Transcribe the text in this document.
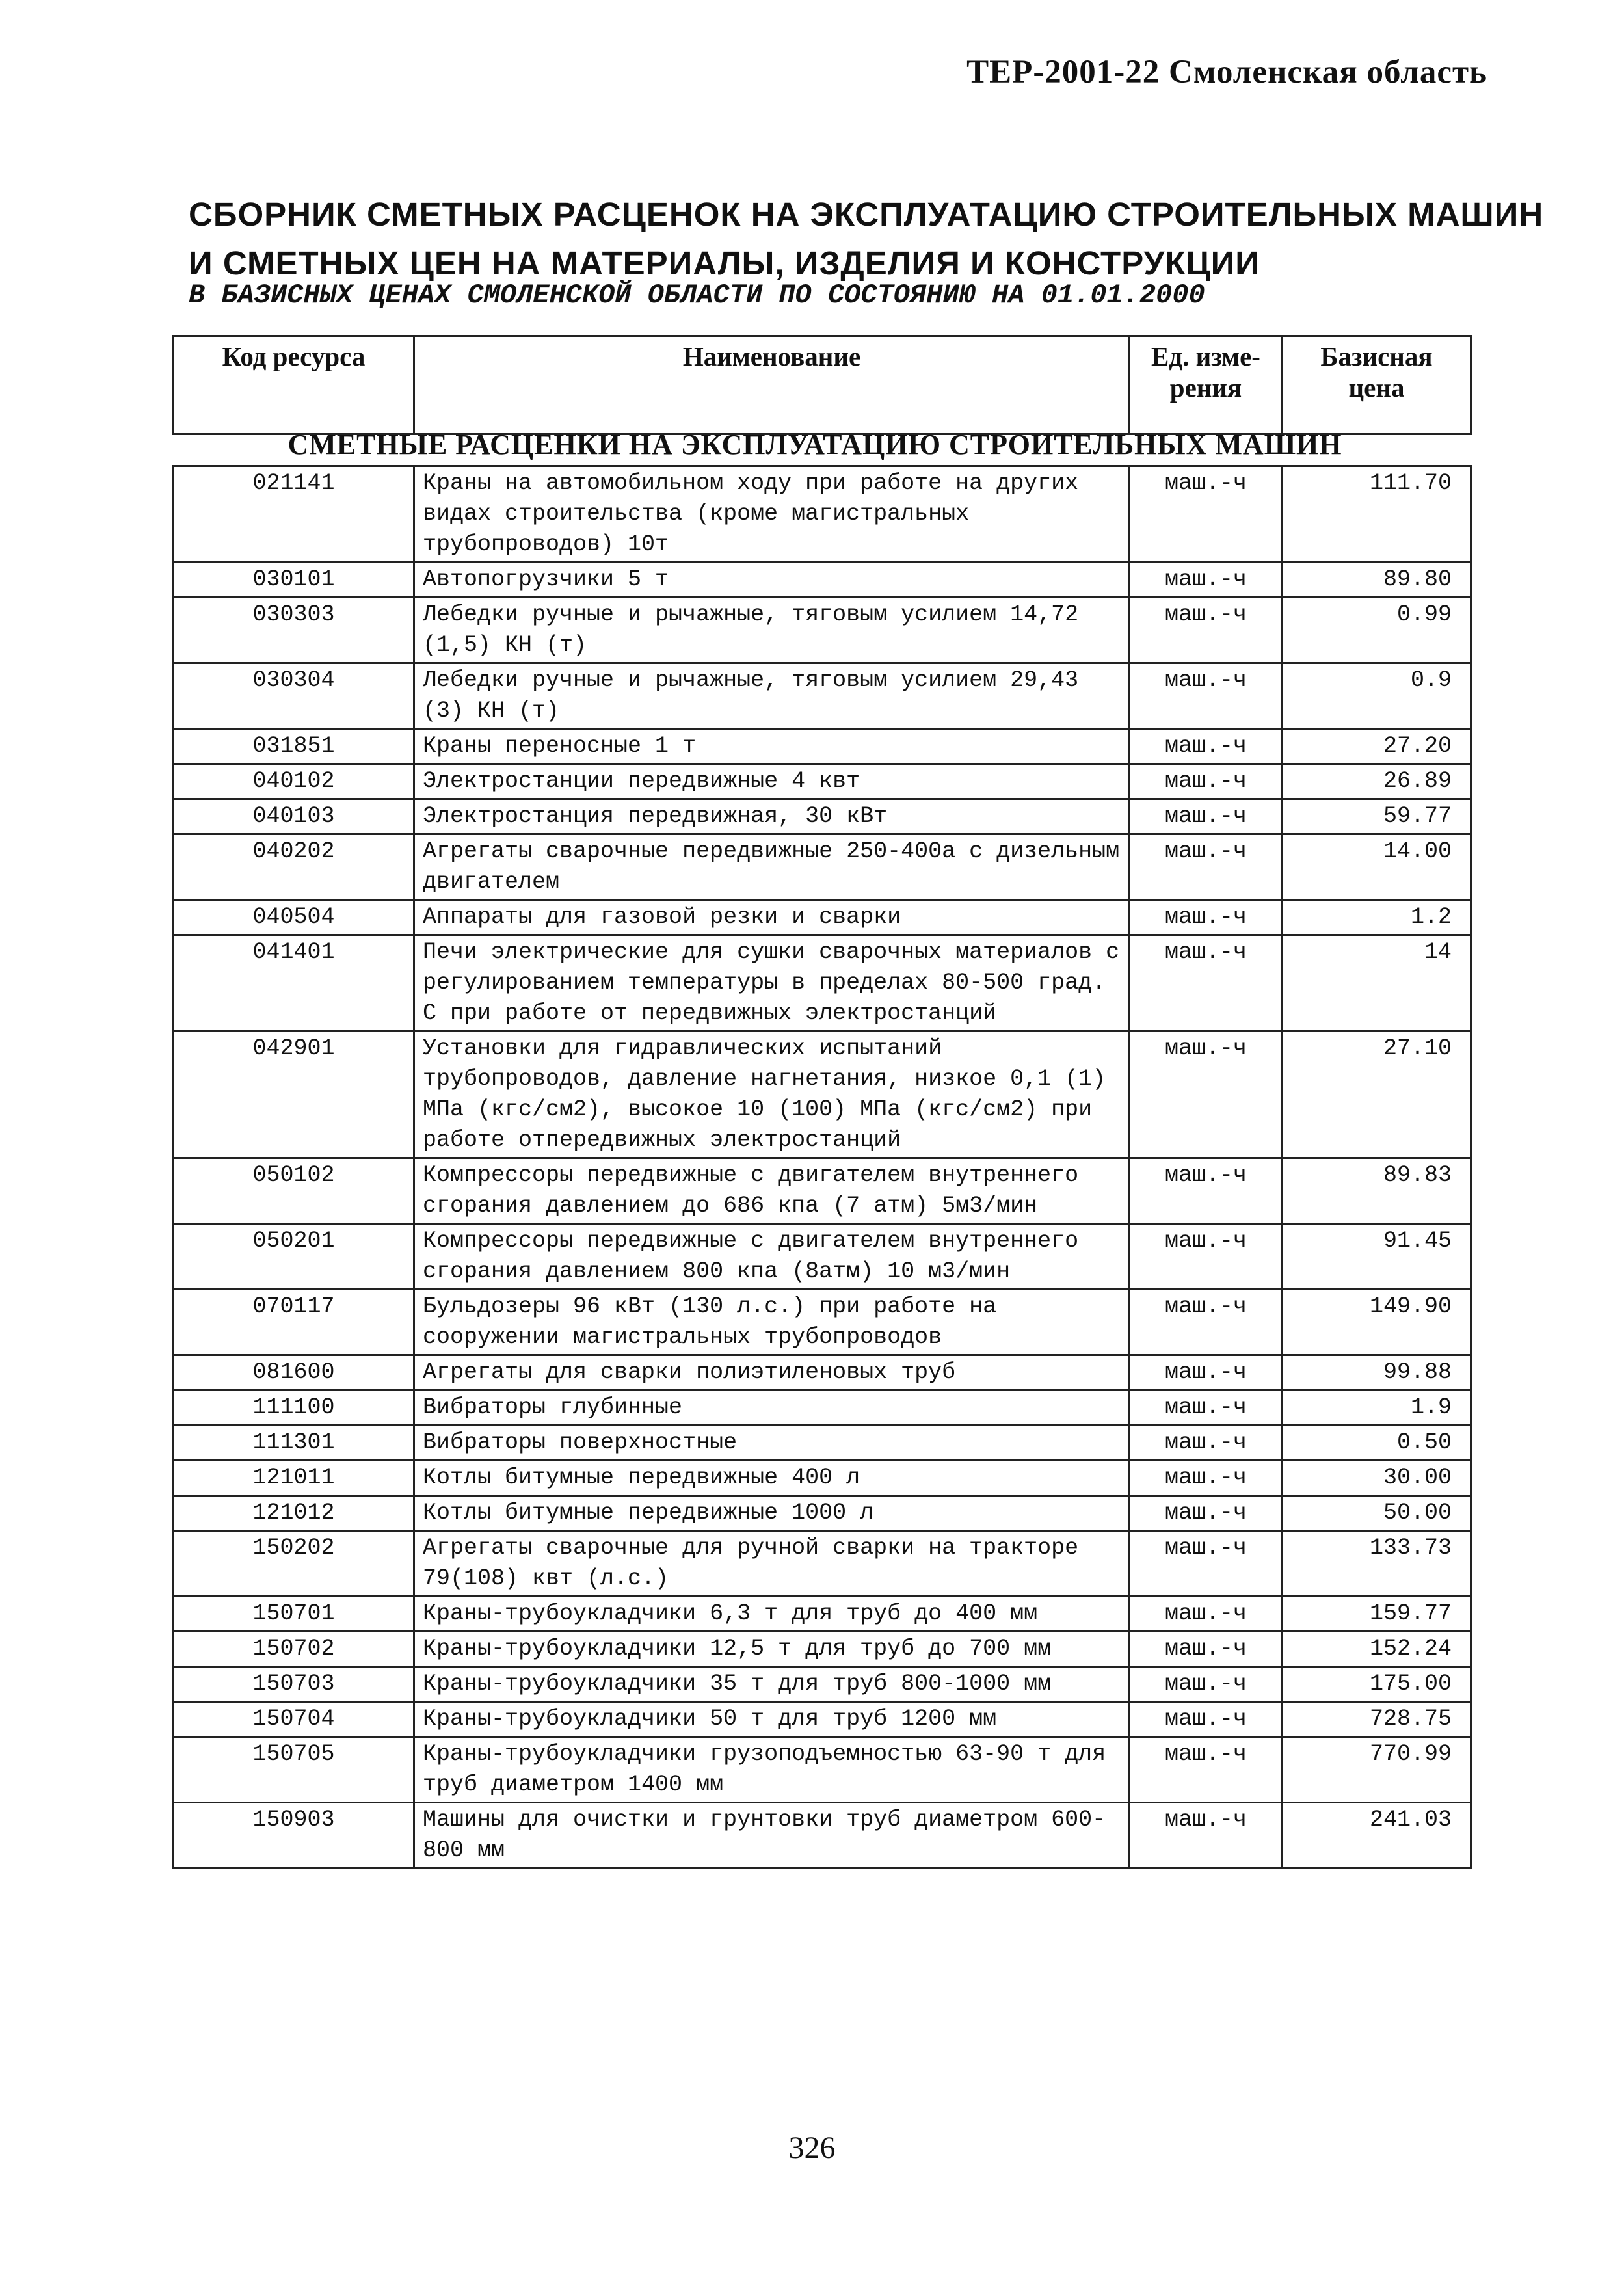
ТЕР-2001-22 Смоленская область
СБОРНИК СМЕТНЫХ РАСЦЕНОК НА ЭКСПЛУАТАЦИЮ СТРОИТЕЛЬНЫХ МАШИН
И СМЕТНЫХ ЦЕН НА МАТЕРИАЛЫ, ИЗДЕЛИЯ И КОНСТРУКЦИИ
В БАЗИСНЫХ ЦЕНАХ СМОЛЕНСКОЙ ОБЛАСТИ ПО СОСТОЯНИЮ НА 01.01.2000
Код ресурса	Наименование	Ед. изме-рения	Базисная цена
СМЕТНЫЕ РАСЦЕНКИ НА ЭКСПЛУАТАЦИЮ СТРОИТЕЛЬНЫХ МАШИН
021141	Краны на автомобильном ходу при работе на других видах строительства (кроме магистральных трубопроводов) 10т	маш.-ч	111.70
030101	Автопогрузчики 5 т	маш.-ч	89.80
030303	Лебедки ручные и рычажные, тяговым усилием 14,72 (1,5) КН (т)	маш.-ч	0.99
030304	Лебедки ручные и рычажные, тяговым усилием 29,43 (3) КН (т)	маш.-ч	0.9
031851	Краны переносные 1 т	маш.-ч	27.20
040102	Электростанции передвижные 4 квт	маш.-ч	26.89
040103	Электростанция передвижная, 30 кВт	маш.-ч	59.77
040202	Агрегаты сварочные передвижные 250-400а с дизельным двигателем	маш.-ч	14.00
040504	Аппараты для газовой резки и сварки	маш.-ч	1.2
041401	Печи электрические для сушки сварочных материалов с регулированием температуры в пределах 80-500 град. С при работе от передвижных электростанций	маш.-ч	14
042901	Установки для гидравлических испытаний трубопроводов, давление нагнетания, низкое 0,1 (1) МПа (кгс/см2), высокое 10 (100) МПа (кгс/см2) при работе отпередвижных электростанций	маш.-ч	27.10
050102	Компрессоры передвижные с двигателем внутреннего сгорания давлением до 686 кпа (7 атм) 5м3/мин	маш.-ч	89.83
050201	Компрессоры передвижные с двигателем внутреннего сгорания давлением 800 кпа (8атм) 10 м3/мин	маш.-ч	91.45
070117	Бульдозеры 96 кВт (130 л.с.) при работе на сооружении магистральных трубопроводов	маш.-ч	149.90
081600	Агрегаты для сварки полиэтиленовых труб	маш.-ч	99.88
111100	Вибраторы глубинные	маш.-ч	1.9
111301	Вибраторы поверхностные	маш.-ч	0.50
121011	Котлы битумные передвижные 400 л	маш.-ч	30.00
121012	Котлы битумные передвижные 1000 л	маш.-ч	50.00
150202	Агрегаты сварочные для ручной сварки на тракторе 79(108) квт (л.с.)	маш.-ч	133.73
150701	Краны-трубоукладчики 6,3 т для труб до 400 мм	маш.-ч	159.77
150702	Краны-трубоукладчики 12,5 т для труб до 700 мм	маш.-ч	152.24
150703	Краны-трубоукладчики 35 т для труб 800-1000 мм	маш.-ч	175.00
150704	Краны-трубоукладчики 50 т для труб 1200 мм	маш.-ч	728.75
150705	Краны-трубоукладчики грузоподъемностью 63-90 т для труб диаметром 1400 мм	маш.-ч	770.99
150903	Машины для очистки и грунтовки труб диаметром 600-800 мм	маш.-ч	241.03
326
